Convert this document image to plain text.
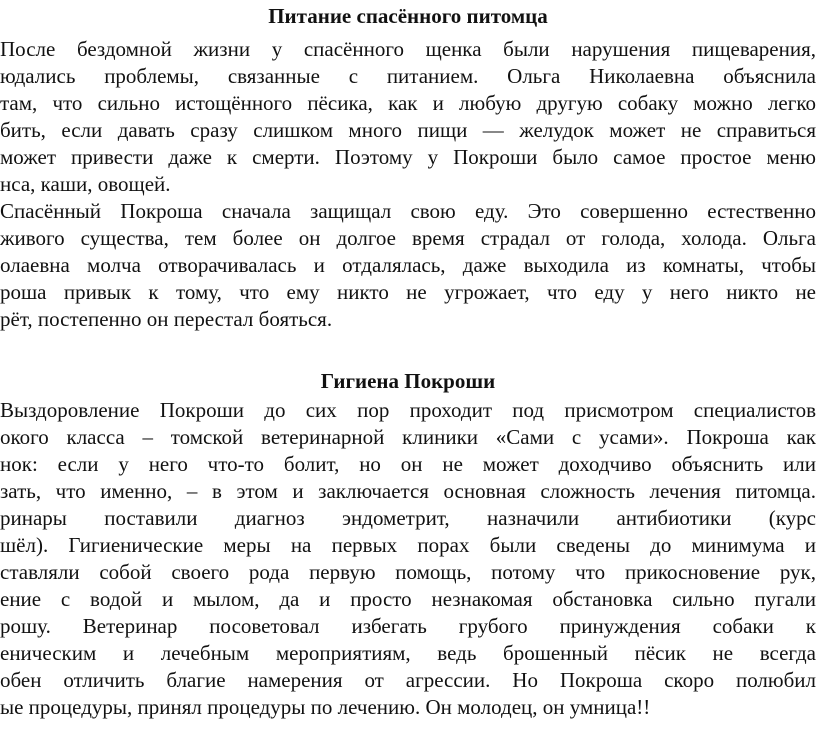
Питание спасённого питомца

После бездомной жизни у спасённого щенка были нарушения пищеварения,

юдались проблемы, связанные с питанием. Ольга Николаевна объяснила

там, что сильно истощённого пёсика, как и любую другую собаку можно легко

бить, если давать сразу слишком много пищи — желудок может не справиться

может привести даже к смерти. Поэтому у Покроши было самое простое меню

нса, каши, овощей.

Спасённый Покроша сначала защищал свою еду. Это совершенно естественно

живого существа, тем более он долгое время страдал от голода, холода. Ольга

олаевна молча отворачивалась и отдалялась, даже выходила из комнаты, чтобы

роша привык к тому, что ему никто не угрожает, что еду у него никто не

рёт, постепенно он перестал бояться.

Гигиена Покроши

Выздоровление Покроши до сих пор проходит под присмотром специалистов

окого класса – томской ветеринарной клиники «Сами с усами». Покроша как

нок: если у него что-то болит, но он не может доходчиво объяснить или

зать, что именно, – в этом и заключается основная сложность лечения питомца.

ринары поставили диагноз эндометрит, назначили антибиотики (курс

шёл). Гигиенические меры на первых порах были сведены до минимума и

ставляли собой своего рода первую помощь, потому что прикосновение рук,

ение с водой и мылом, да и просто незнакомая обстановка сильно пугали

рошу. Ветеринар посоветовал избегать грубого принуждения собаки к

еническим и лечебным мероприятиям, ведь брошенный пёсик не всегда

обен отличить благие намерения от агрессии. Но Покроша скоро полюбил

ые процедуры, принял процедуры по лечению. Он молодец, он умница!!
